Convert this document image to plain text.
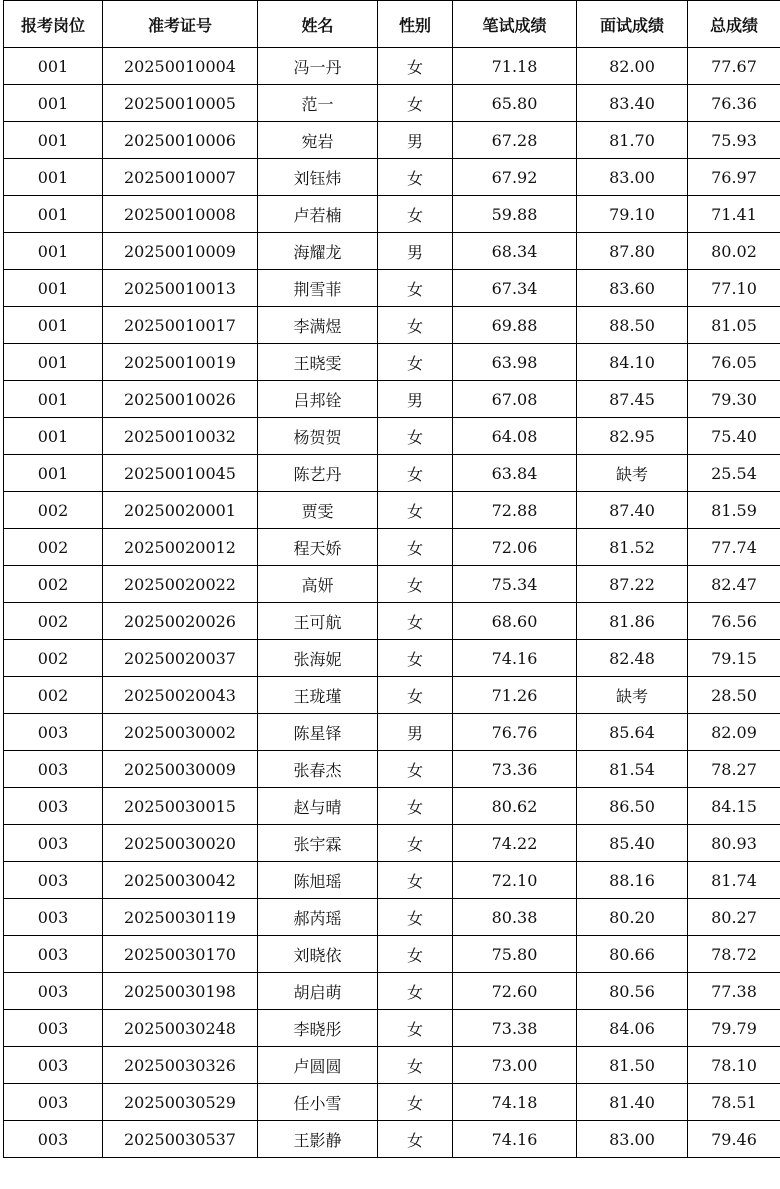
报考岗位	准考证号	姓名	性别	笔试成绩	面试成绩	总成绩
001	20250010004	冯一丹	女	71.18	82.00	77.67
001	20250010005	范一	女	65.80	83.40	76.36
001	20250010006	宛岩	男	67.28	81.70	75.93
001	20250010007	刘钰炜	女	67.92	83.00	76.97
001	20250010008	卢若楠	女	59.88	79.10	71.41
001	20250010009	海耀龙	男	68.34	87.80	80.02
001	20250010013	荆雪菲	女	67.34	83.60	77.10
001	20250010017	李满煜	女	69.88	88.50	81.05
001	20250010019	王晓雯	女	63.98	84.10	76.05
001	20250010026	吕邦铨	男	67.08	87.45	79.30
001	20250010032	杨贺贺	女	64.08	82.95	75.40
001	20250010045	陈艺丹	女	63.84	缺考	25.54
002	20250020001	贾雯	女	72.88	87.40	81.59
002	20250020012	程天娇	女	72.06	81.52	77.74
002	20250020022	高妍	女	75.34	87.22	82.47
002	20250020026	王可航	女	68.60	81.86	76.56
002	20250020037	张海妮	女	74.16	82.48	79.15
002	20250020043	王珑瑾	女	71.26	缺考	28.50
003	20250030002	陈星铎	男	76.76	85.64	82.09
003	20250030009	张春杰	女	73.36	81.54	78.27
003	20250030015	赵与晴	女	80.62	86.50	84.15
003	20250030020	张宇霖	女	74.22	85.40	80.93
003	20250030042	陈旭瑶	女	72.10	88.16	81.74
003	20250030119	郝芮瑶	女	80.38	80.20	80.27
003	20250030170	刘晓依	女	75.80	80.66	78.72
003	20250030198	胡启萌	女	72.60	80.56	77.38
003	20250030248	李晓彤	女	73.38	84.06	79.79
003	20250030326	卢圆圆	女	73.00	81.50	78.10
003	20250030529	任小雪	女	74.18	81.40	78.51
003	20250030537	王影静	女	74.16	83.00	79.46
